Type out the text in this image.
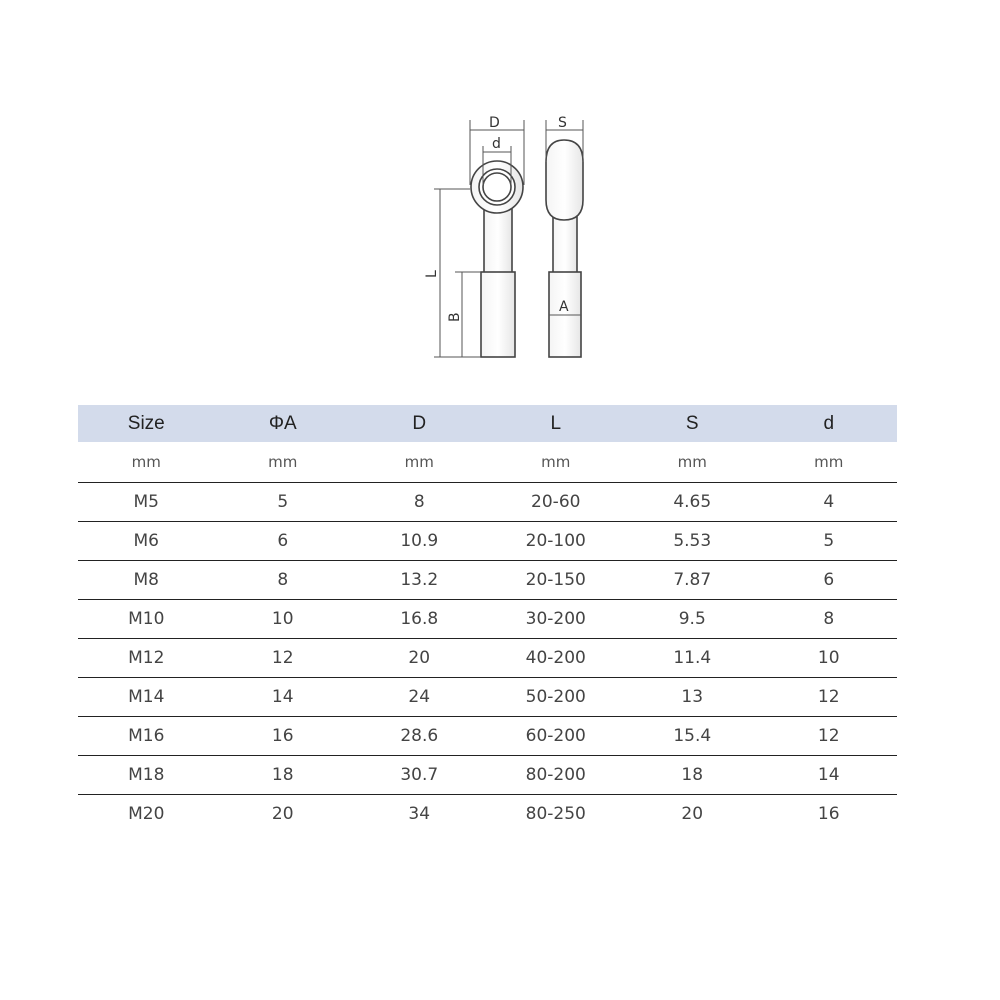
D
d
S
L
B
A
Size	ΦA	D	L	S	d
mm	mm	mm	mm	mm	mm
M5	5	8	20-60	4.65	4
M6	6	10.9	20-100	5.53	5
M8	8	13.2	20-150	7.87	6
M10	10	16.8	30-200	9.5	8
M12	12	20	40-200	11.4	10
M14	14	24	50-200	13	12
M16	16	28.6	60-200	15.4	12
M18	18	30.7	80-200	18	14
M20	20	34	80-250	20	16
